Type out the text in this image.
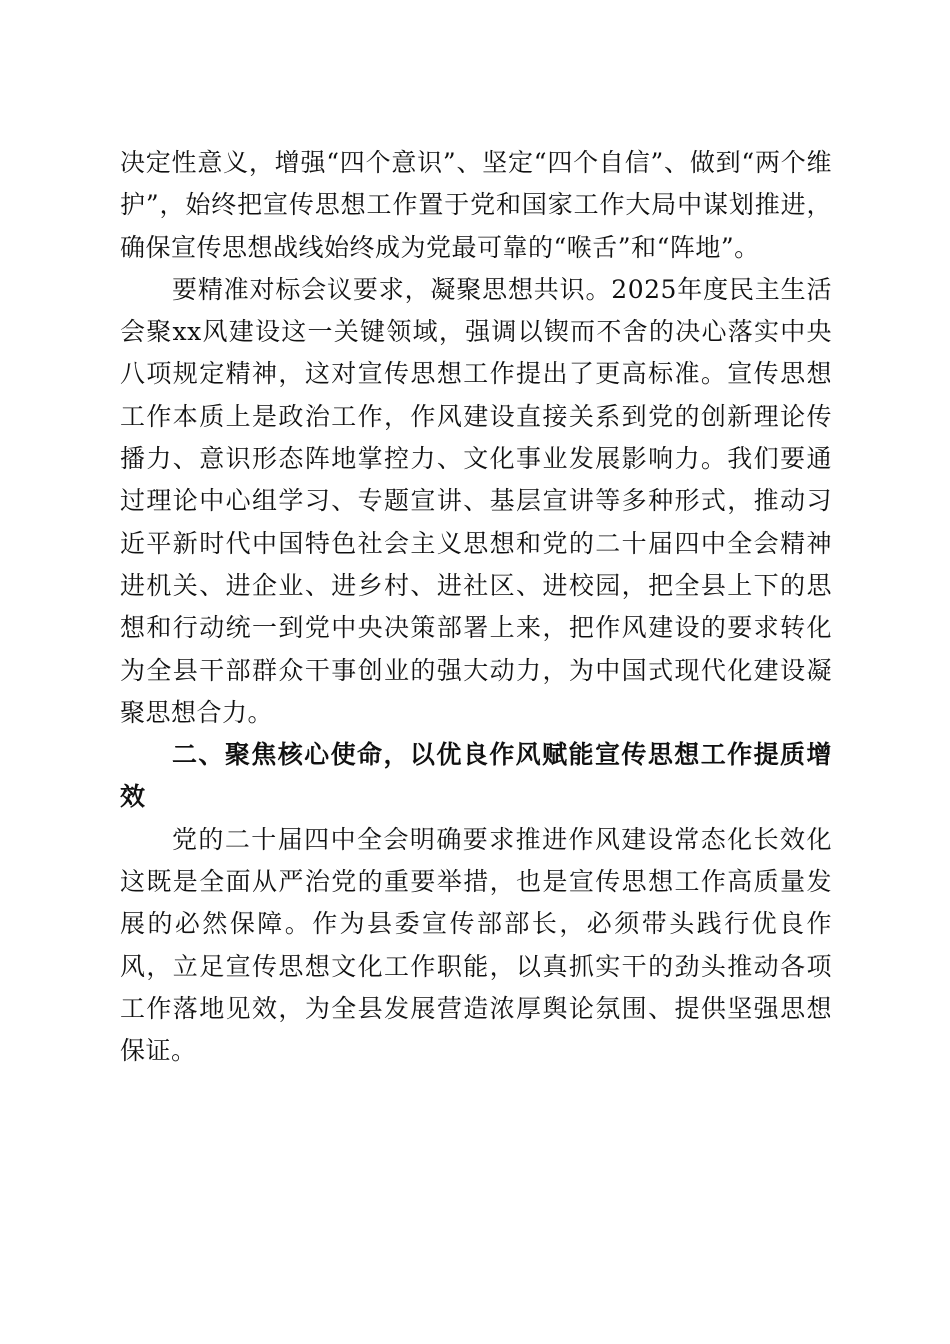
决定性意义，增强“四个意识”、坚定“四个自信”、做到“两个维护”，始终把宣传思想工作置于党和国家工作大局中谋划推进，确保宣传思想战线始终成为党最可靠的“喉舌”和“阵地”。

要精准对标会议要求，凝聚思想共识。2025年度民主生活会聚xx风建设这一关键领域，强调以锲而不舍的决心落实中央八项规定精神，这对宣传思想工作提出了更高标准。宣传思想工作本质上是政治工作，作风建设直接关系到党的创新理论传播力、意识形态阵地掌控力、文化事业发展影响力。我们要通过理论中心组学习、专题宣讲、基层宣讲等多种形式，推动习近平新时代中国特色社会主义思想和党的二十届四中全会精神进机关、进企业、进乡村、进社区、进校园，把全县上下的思想和行动统一到党中央决策部署上来，把作风建设的要求转化为全县干部群众干事创业的强大动力，为中国式现代化建设凝聚思想合力。

二、聚焦核心使命，以优良作风赋能宣传思想工作提质增效

党的二十届四中全会明确要求推进作风建设常态化长效化这既是全面从严治党的重要举措，也是宣传思想工作高质量发展的必然保障。作为县委宣传部部长，必须带头践行优良作风，立足宣传思想文化工作职能，以真抓实干的劲头推动各项工作落地见效，为全县发展营造浓厚舆论氛围、提供坚强思想保证。
